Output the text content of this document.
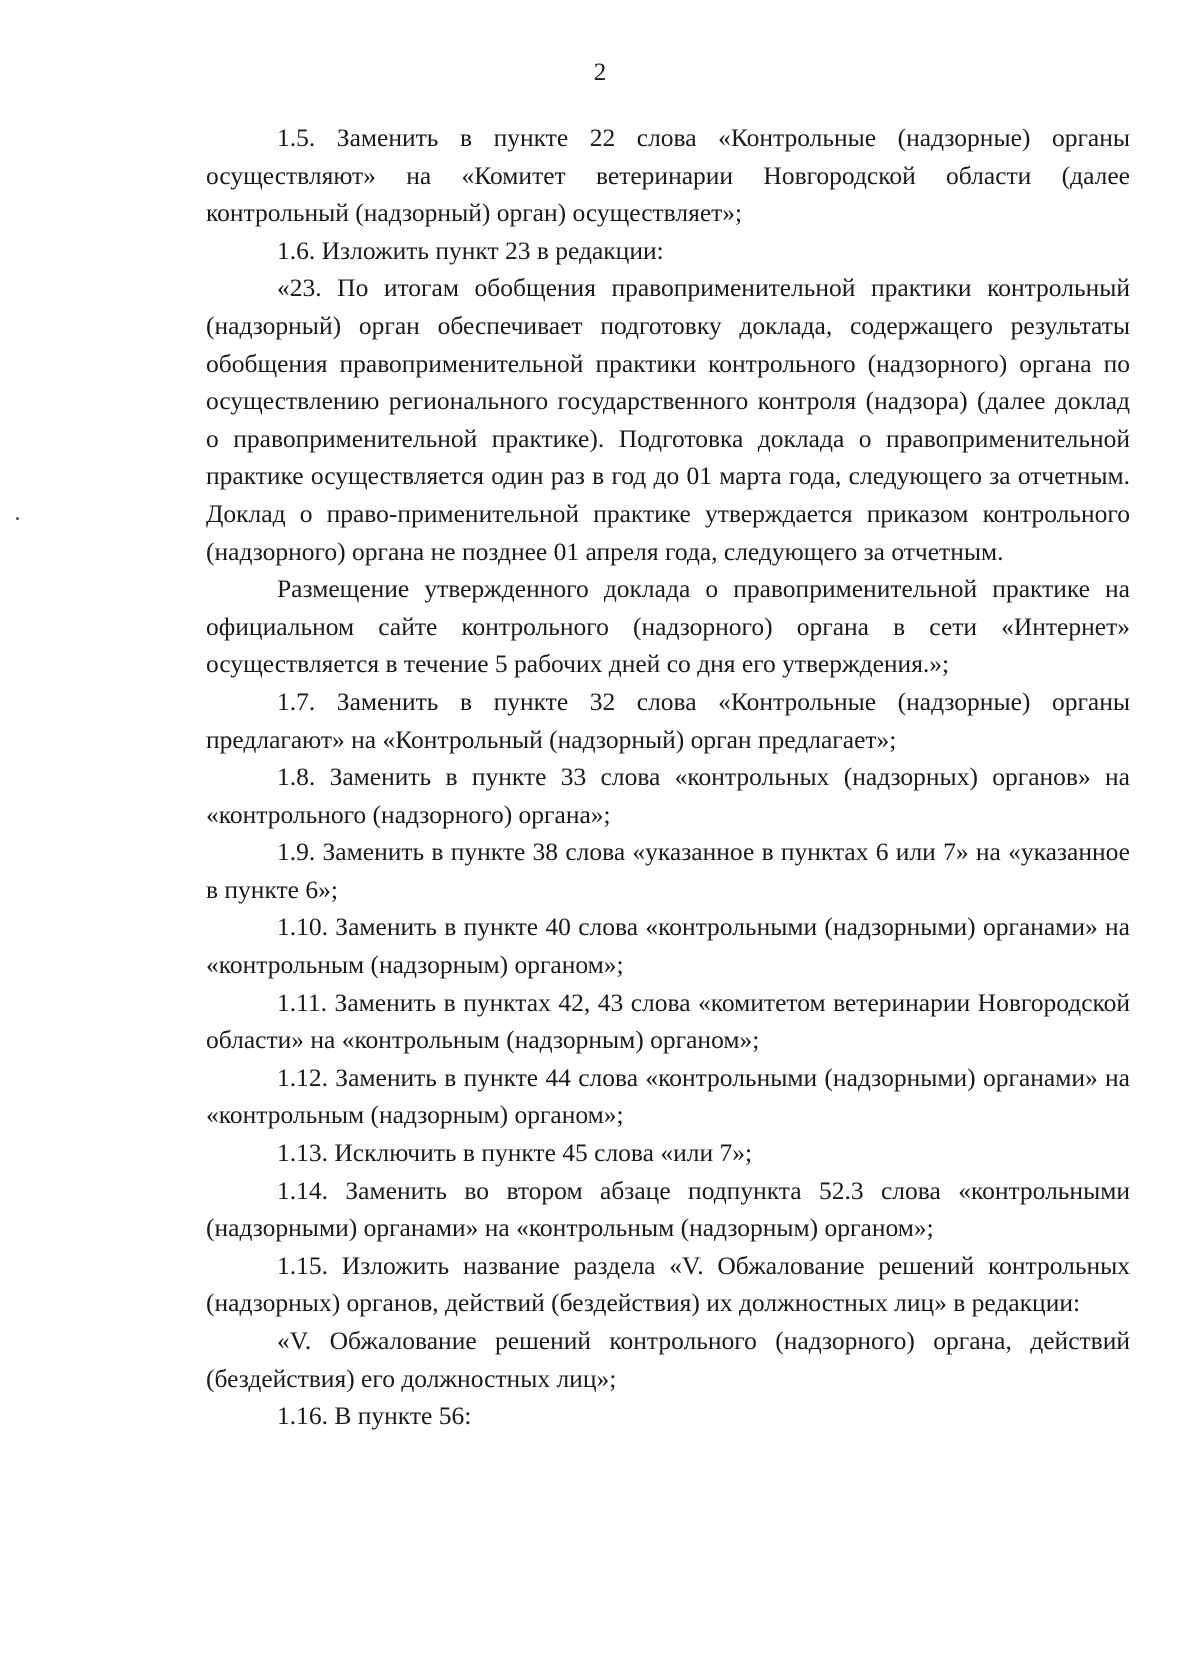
2

1.5. Заменить в пункте 22 слова «Контрольные (надзорные) органы осуществляют» на «Комитет ветеринарии Новгородской области (далее контрольный (надзорный) орган) осуществляет»;

1.6. Изложить пункт 23 в редакции:

«23. По итогам обобщения правоприменительной практики контрольный (надзорный) орган обеспечивает подготовку доклада, содержащего результаты обобщения правоприменительной практики контрольного (надзорного) органа по осуществлению регионального государственного контроля (надзора) (далее доклад о правоприменительной практике). Подготовка доклада о правоприменительной практике осуществляется один раз в год до 01 марта года, следующего за отчетным. Доклад о право-применительной практике утверждается приказом контрольного (надзорного) органа не позднее 01 апреля года, следующего за отчетным.

Размещение утвержденного доклада о правоприменительной практике на официальном сайте контрольного (надзорного) органа в сети «Интернет» осуществляется в течение 5 рабочих дней со дня его утверждения.»;

1.7. Заменить в пункте 32 слова «Контрольные (надзорные) органы предлагают» на «Контрольный (надзорный) орган предлагает»;

1.8. Заменить в пункте 33 слова «контрольных (надзорных) органов» на «контрольного (надзорного) органа»;

1.9. Заменить в пункте 38 слова «указанное в пунктах 6 или 7» на «указанное в пункте 6»;

1.10. Заменить в пункте 40 слова «контрольными (надзорными) органами» на «контрольным (надзорным) органом»;

1.11. Заменить в пунктах 42, 43 слова «комитетом ветеринарии Новгородской области» на «контрольным (надзорным) органом»;

1.12. Заменить в пункте 44 слова «контрольными (надзорными) органами» на «контрольным (надзорным) органом»;

1.13. Исключить в пункте 45 слова «или 7»;

1.14. Заменить во втором абзаце подпункта 52.3 слова «контрольными (надзорными) органами» на «контрольным (надзорным) органом»;

1.15. Изложить название раздела «V. Обжалование решений контрольных (надзорных) органов, действий (бездействия) их должностных лиц» в редакции:

«V. Обжалование решений контрольного (надзорного) органа, действий (бездействия) его должностных лиц»;

1.16. В пункте 56:
